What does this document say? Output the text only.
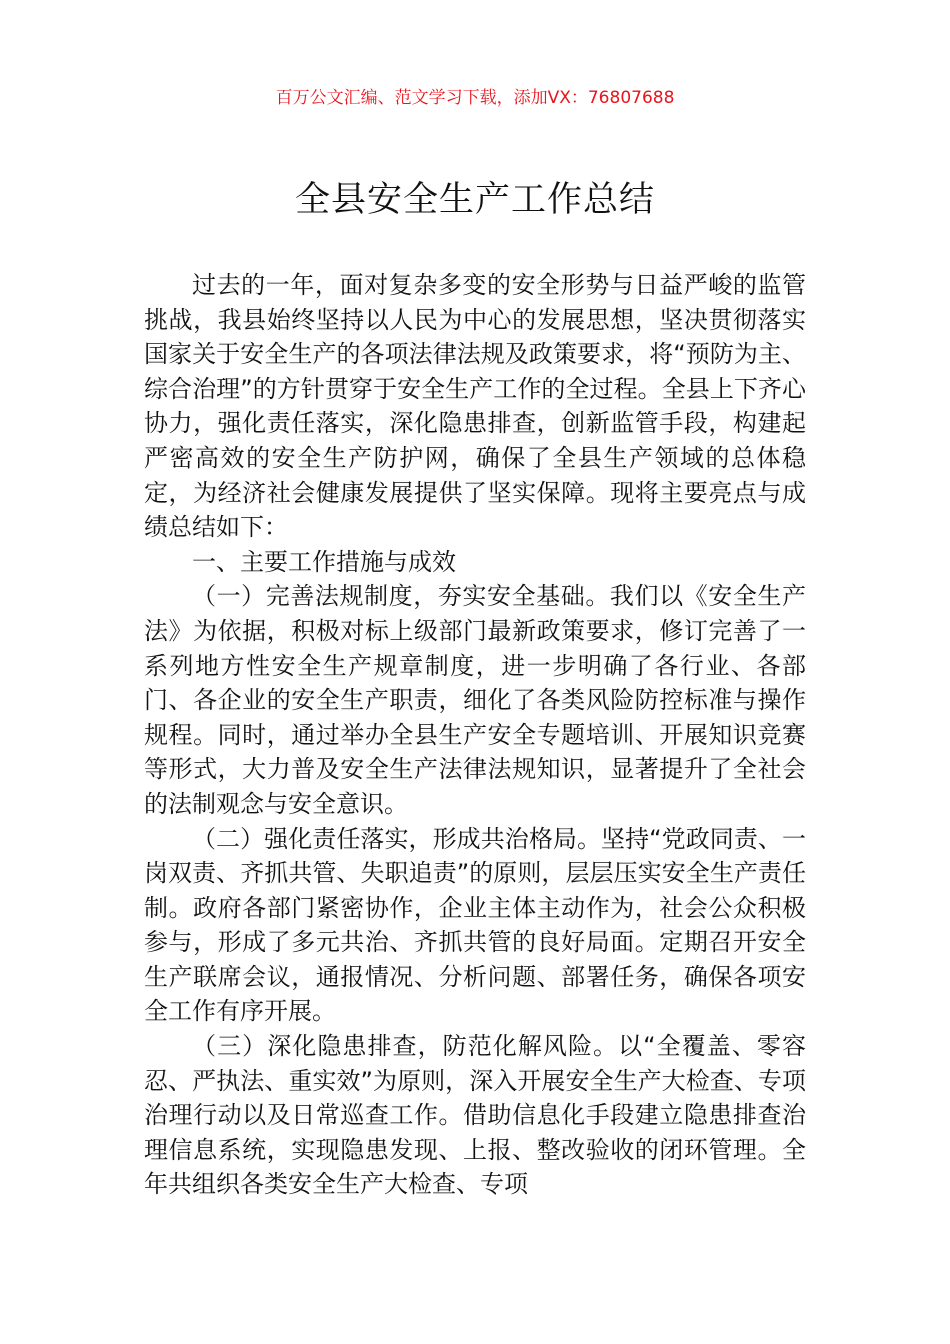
百万公文汇编、范文学习下载，添加VX：76807688
全县安全生产工作总结

过去的一年，面对复杂多变的安全形势与日益严峻的监管挑战，我县始终坚持以人民为中心的发展思想，坚决贯彻落实国家关于安全生产的各项法律法规及政策要求，将“预防为主、综合治理”的方针贯穿于安全生产工作的全过程。全县上下齐心协力，强化责任落实，深化隐患排查，创新监管手段，构建起严密高效的安全生产防护网，确保了全县生产领域的总体稳定，为经济社会健康发展提供了坚实保障。现将主要亮点与成绩总结如下：

一、主要工作措施与成效

（一）完善法规制度，夯实安全基础。我们以《安全生产法》为依据，积极对标上级部门最新政策要求，修订完善了一系列地方性安全生产规章制度，进一步明确了各行业、各部门、各企业的安全生产职责，细化了各类风险防控标准与操作规程。同时，通过举办全县生产安全专题培训、开展知识竞赛等形式，大力普及安全生产法律法规知识，显著提升了全社会的法制观念与安全意识。

（二）强化责任落实，形成共治格局。坚持“党政同责、一岗双责、齐抓共管、失职追责”的原则，层层压实安全生产责任制。政府各部门紧密协作，企业主体主动作为，社会公众积极参与，形成了多元共治、齐抓共管的良好局面。定期召开安全生产联席会议，通报情况、分析问题、部署任务，确保各项安全工作有序开展。

（三）深化隐患排查，防范化解风险。以“全覆盖、零容忍、严执法、重实效”为原则，深入开展安全生产大检查、专项治理行动以及日常巡查工作。借助信息化手段建立隐患排查治理信息系统，实现隐患发现、上报、整改验收的闭环管理。全年共组织各类安全生产大检查、专项
